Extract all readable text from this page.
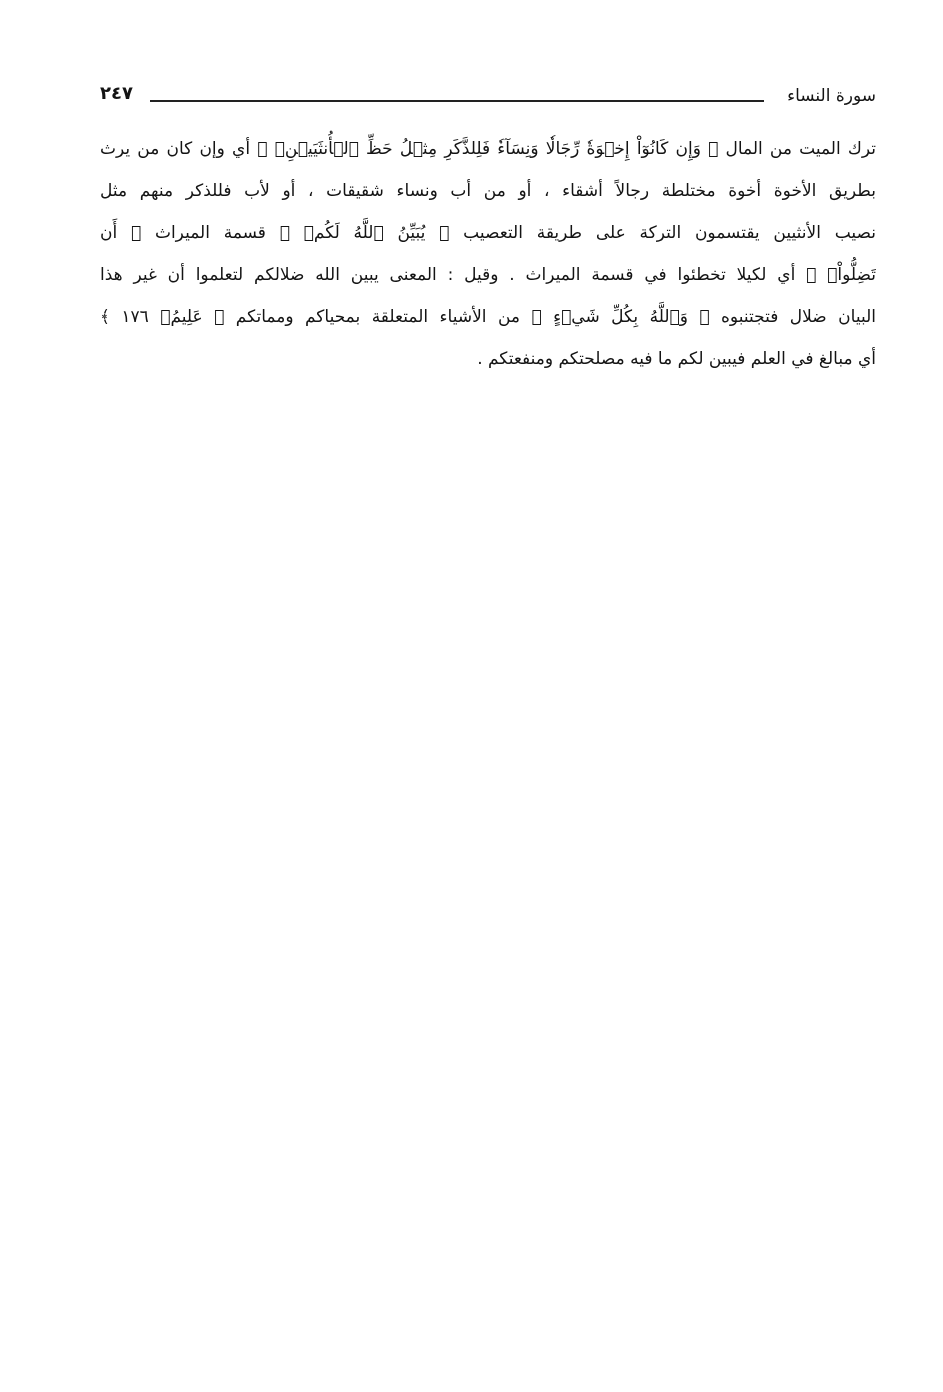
سورة النساء
٢٤٧
ترك الميت من المال ﴿ وَإِن كَانُوٓاْ إِخۡوَةٗ رِّجَالٗا وَنِسَآءٗ فَلِلذَّكَرِ مِثۡلُ حَظِّ ٱلۡأُنثَيَيۡنِۗ ﴾ أي وإن كان من يرث
بطريق الأخوة أخوة مختلطة رجالاً أشقاء ، أو من أب ونساء شقيقات ، أو لأب فللذكر منهم مثل
نصيب الأنثيين يقتسمون التركة على طريقة التعصيب ﴿ يُبَيِّنُ ٱللَّهُ لَكُمۡ ﴾ قسمة الميراث ﴿ أَن
تَضِلُّواْۗ ﴾ أي لكيلا تخطئوا في قسمة الميراث . وقيل : المعنى يبين الله ضلالكم لتعلموا أن غير هذا
البيان ضلال فتجتنبوه ﴿ وَٱللَّهُ بِكُلِّ شَيۡءٍ ﴾ من الأشياء المتعلقة بمحياكم ومماتكم ﴿ عَلِيمُۢ ١٧٦ ﴾
أي مبالغ في العلم فيبين لكم ما فيه مصلحتكم ومنفعتكم .
